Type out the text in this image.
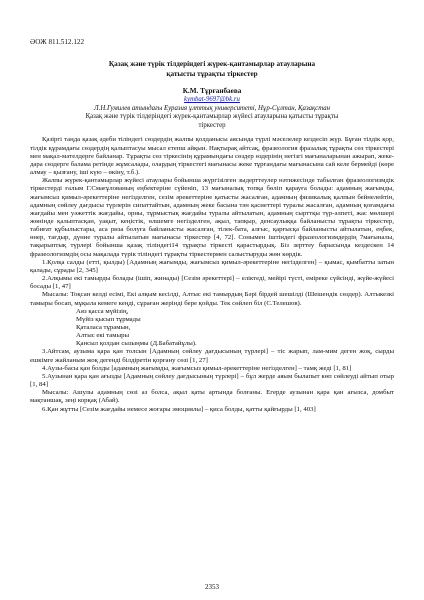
ӘОЖ 811.512.122
Қазақ және түрік тілдеріндегі жүрек-қантамырлар атауларына
қатысты тұрақты тіркестер
К.М. Тұрғанбаева
kymbat-9697@bk.ru
Л.Н.Гумилев атындағы Еуразия ұлттық университеті, Нұр-Сұлтан, Қазақстан
Қазақ және түрік тілдеріндегі жүрек-қантамырлар жүйесі атауларына қатысты тұрақты
тіркестер

Қазіргі таңда қазақ әдеби тіліндегі сөздердің жалпы қолданысы аясында түрлі мәселелер кездесіп жүр. Бұған тілдік қор, тілдік құрамдағы сөздердің қалыптасуы мысал етепш айқын. Нақтырақ айтсақ, фразеология фразалық тұрақты сөз тіркестері мен мақал-мәтелдерге байланар. Тұрақты сөз тіркесінің құрамындағы сөздер өздерінің негізгі мағыналарынан ажырап, жеке-дара сөздерге баламa ретінде жұмсалады, олардың тіркестегі мағынасы жеке тұрғандағы мағынасына сай келе бермейді (көре алмау – қызғану, іші күю – өкіну, т.б.).

Жалпы жүрек-қантамырлар жүйесі атаулары бойынша жүргізілген зыдерттеулер нәтижесінде табылған фразеологизмдік тіркестерді ғалым Г.Смағұлованың еңбектеріне сүйеніп, 13 мағыналық топқа бөліп қарауға болады: адамның жағымды, жағымсыз қимыл-әрекеттеріне негізделген, сезім әрекеттеріне қатысты жасалған, адамның физикалық қалпын бейнелейтін, адамның сөйлеу дағдысы түрлерін сипаттайтын, адамның жеке басына тән қасиеттері туралы жасалған, адамның қоғамдағы жағдайы мен уәжеттік жағдайы, орны, тұрмыстық жағдайы туралы айтылатын, адамның сырттқы түр-әлпеті, жас мөлшері жөнінде қалыптасқан, уақыт, кеңістік, өлшемге негізделген, ақыл, тапқыр, денсаулыққа байланысты тұрақты тіркестер, табиғат құбылыстары, аса риза болуға байланысты жасалған, тілек-бата, алғыс, қарғысқа байланысты айтылатын, еңбек, өнер, тағдыр, дүние туралы айтылатын мағынасы тіркестер [4, 72]. Сонымен іштіндегі фразеологизмдердің 7мағыналы, тақырыптық түрлері бойынша қазақ тіліндегі14 тұрақты тіркесті қарастырдық. Біз зерттеу барысында кездескен 14 фразеологизмдің осы мақалада түрік тіліндегі тұрақты тіркестермен салыстыруды жөн көрдік.

1.Қолқа салды (етті, қылды) [Адамның жағымды, жағымсыз қимыл-әрекеттеріне негізделген] – қымас, қымбатты затын қалады, сұрады [2, 345]

2.Алқымы екі тамырды болады (ішіп, жинады) [Сезім әрекеттері] – еліктеді, мейірі түсті, еміреке сүйсінді, жүйе-жүйесі босады [1, 47]

Мысалы: Тоқсан келді есімі, Екі алқым кесілді, Алтыс екі тамырдың Бәрі бірдей шешілді (Шешендік сөздер). Алтыкезкі тамыры босап, мұқыла кемеге кеңді, сұраған жерінді бере қойды. Тек сөйлеп біл (С.Телешов).

Аяз қасса мүйізің,
Мүйіз қысып тұрмады
Қаталаса тұрамын,
Алтыс екі тамыры
Қансыл қолдан сызыңмы (Д.Бабатайұлы).

3.Айтсам, аузыма қара қан толсын [Адамның сөйлеу дағдысының түрлері] – тіс жарып, лам-мим деген жоқ, сырды ешкімге жайланым жоқ дегенді білдіретін қорғану сөзі [1, 27]

4.Аузы-басы қан болды [адамның жағымды, жағымсыз қимыл-әрекеттеріне негізделген] – тамқ жеді [1, 81]

5.Аузынан қара қан ағызды [Адамның сөйлеу дағдысының түрлері] – бұл жерде аяым былапыт көп сөйлеуді айтып отыр [1, 84]

Мысалы: Ашулы адамның сөзі аз болса, ақыл қаты артында болғаны. Егерде аузынан қара қан ағызса, домбыт мақтаншақ, зеңі корқақ (Абай).

6.Қан жұтты [Сезім жағдайы немесе жоғары эмоциялы] – қиса болды, қатты қайғырды [1, 403]

2353
